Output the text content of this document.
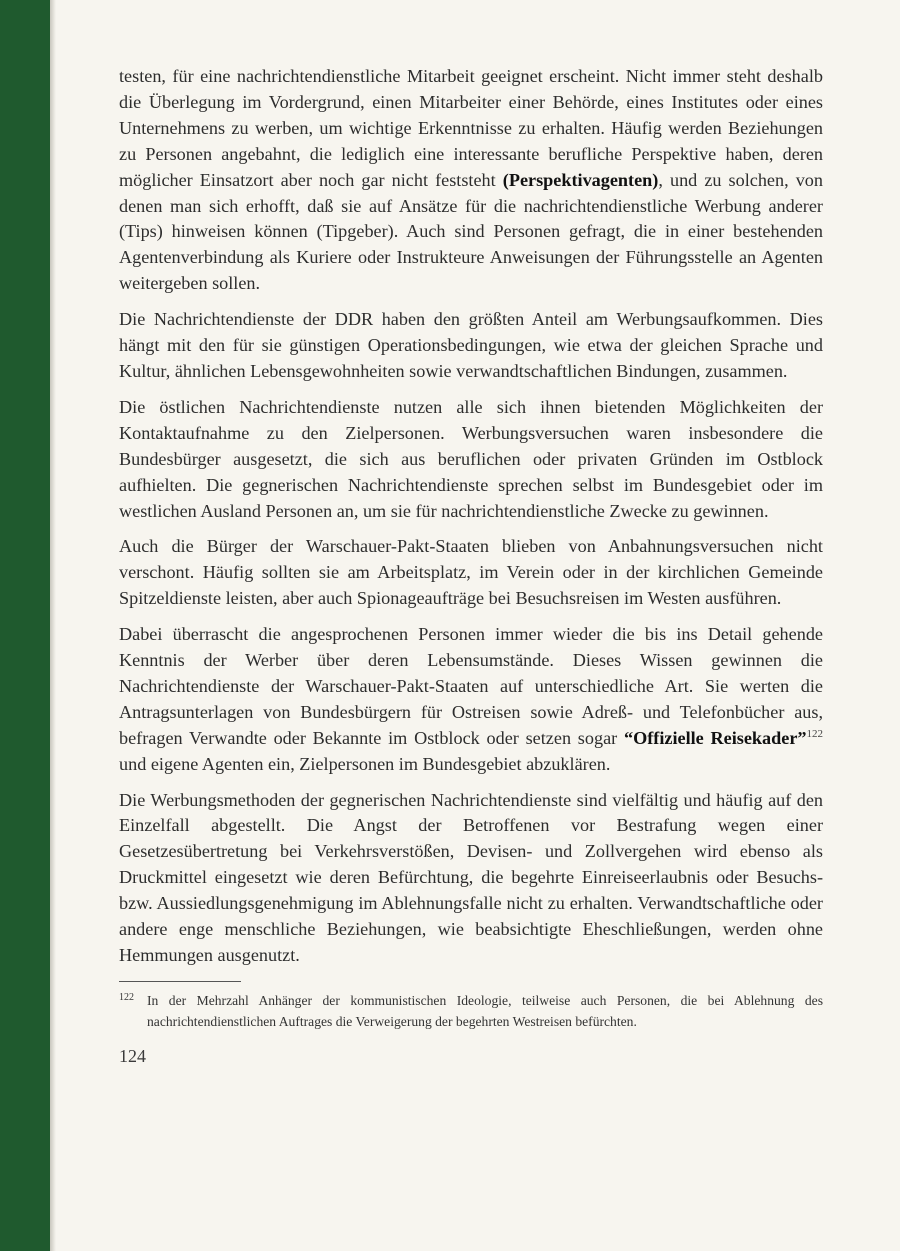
testen, für eine nachrichtendienstliche Mitarbeit geeignet erscheint. Nicht immer steht deshalb die Überlegung im Vordergrund, einen Mitarbeiter einer Behörde, eines Institutes oder eines Unternehmens zu werben, um wichtige Erkenntnisse zu erhalten. Häufig werden Beziehungen zu Personen angebahnt, die lediglich eine interessante berufliche Perspektive haben, deren möglicher Einsatzort aber noch gar nicht feststeht (Perspektivagenten), und zu solchen, von denen man sich erhofft, daß sie auf Ansätze für die nachrichtendienstliche Werbung anderer (Tips) hinweisen können (Tipgeber). Auch sind Personen gefragt, die in einer bestehenden Agentenverbindung als Kuriere oder Instrukteure Anweisungen der Führungsstelle an Agenten weitergeben sollen.

Die Nachrichtendienste der DDR haben den größten Anteil am Werbungsaufkommen. Dies hängt mit den für sie günstigen Operationsbedingungen, wie etwa der gleichen Sprache und Kultur, ähnlichen Lebensgewohnheiten sowie verwandtschaftlichen Bindungen, zusammen.

Die östlichen Nachrichtendienste nutzen alle sich ihnen bietenden Möglichkeiten der Kontaktaufnahme zu den Zielpersonen. Werbungsversuchen waren insbesondere die Bundesbürger ausgesetzt, die sich aus beruflichen oder privaten Gründen im Ostblock aufhielten. Die gegnerischen Nachrichtendienste sprechen selbst im Bundesgebiet oder im westlichen Ausland Personen an, um sie für nachrichtendienstliche Zwecke zu gewinnen.

Auch die Bürger der Warschauer-Pakt-Staaten blieben von Anbahnungsversuchen nicht verschont. Häufig sollten sie am Arbeitsplatz, im Verein oder in der kirchlichen Gemeinde Spitzeldienste leisten, aber auch Spionageaufträge bei Besuchsreisen im Westen ausführen.

Dabei überrascht die angesprochenen Personen immer wieder die bis ins Detail gehende Kenntnis der Werber über deren Lebensumstände. Dieses Wissen gewinnen die Nachrichtendienste der Warschauer-Pakt-Staaten auf unterschiedliche Art. Sie werten die Antragsunterlagen von Bundesbürgern für Ostreisen sowie Adreß- und Telefonbücher aus, befragen Verwandte oder Bekannte im Ostblock oder setzen sogar “Offizielle Reisekader”$^{122}$ und eigene Agenten ein, Zielpersonen im Bundesgebiet abzuklären.

Die Werbungsmethoden der gegnerischen Nachrichtendienste sind vielfältig und häufig auf den Einzelfall abgestellt. Die Angst der Betroffenen vor Bestrafung wegen einer Gesetzesübertretung bei Verkehrsverstößen, Devisen- und Zollvergehen wird ebenso als Druckmittel eingesetzt wie deren Befürchtung, die begehrte Einreiseerlaubnis oder Besuchs- bzw. Aussiedlungsgenehmigung im Ablehnungsfalle nicht zu erhalten. Verwandtschaftliche oder andere enge menschliche Beziehungen, wie beabsichtigte Eheschließungen, werden ohne Hemmungen ausgenutzt.

122 In der Mehrzahl Anhänger der kommunistischen Ideologie, teilweise auch Personen, die bei Ablehnung des nachrichtendienstlichen Auftrages die Verweigerung der begehrten Westreisen befürchten.
124
